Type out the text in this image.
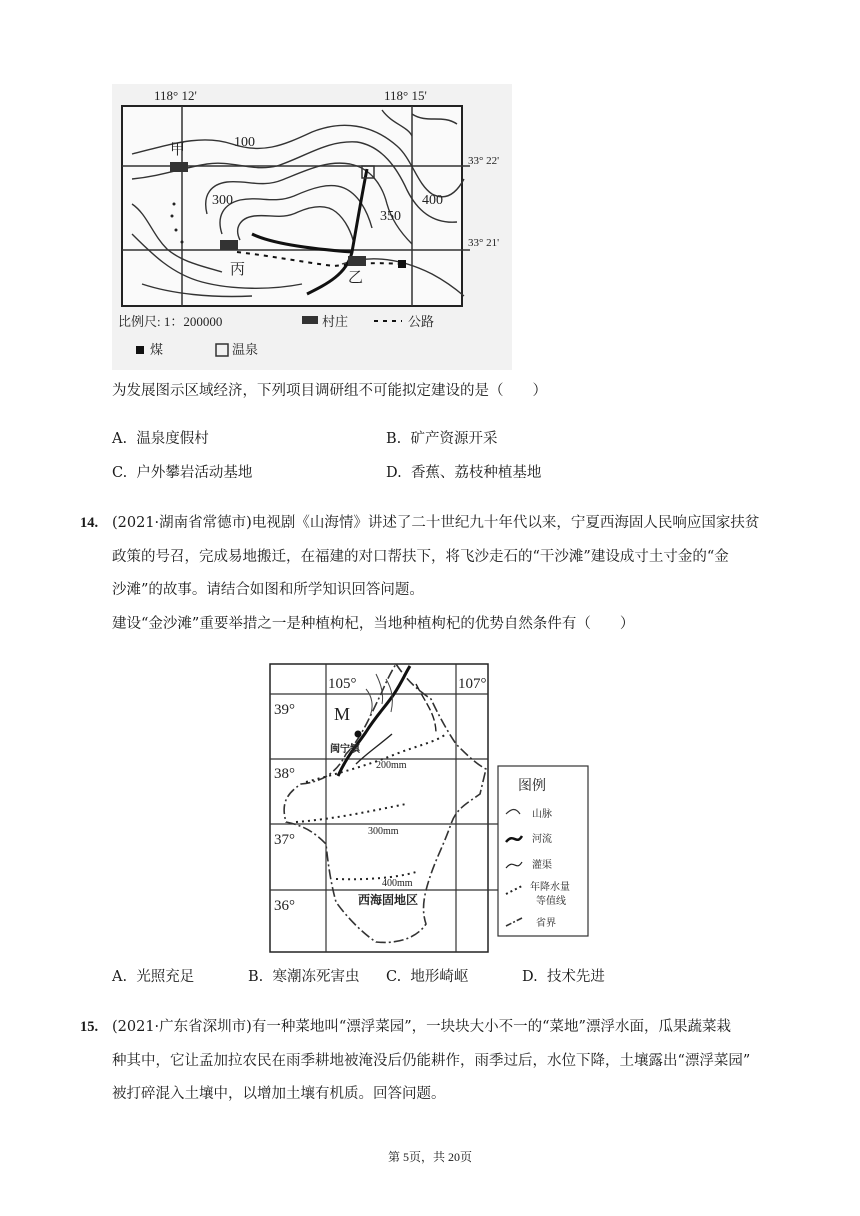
118° 12'	118° 15'
33° 22'
33° 21'
100
300
350
400
甲
丙	乙
比例尺: 1：200000	村庄	公路
煤	温泉
为发展图示区域经济，下列项目调研组不可能拟定建设的是（　　）
A. 温泉度假村	B. 矿产资源开采
C. 户外攀岩活动基地	D. 香蕉、荔枝种植基地
14. (2021·湖南省常德市)电视剧《山海情》讲述了二十世纪九十年代以来，宁夏西海固人民响应国家扶贫
政策的号召，完成易地搬迁，在福建的对口帮扶下，将飞沙走石的“干沙滩”建设成寸土寸金的“金
沙滩”的故事。请结合如图和所学知识回答问题。
建设“金沙滩”重要举措之一是种植枸杞，当地种植枸杞的优势自然条件有（　　）
105°	107°
39°
38°
37°
36°
M
闽宁镇
200mm
300mm
400mm
西海固地区
图例
山脉
河流
灌渠
年降水量
等值线
省界
A. 光照充足	B. 寒潮冻死害虫 C. 地形崎岖	D. 技术先进
15. (2021·广东省深圳市)有一种菜地叫“漂浮菜园”，一块块大小不一的“菜地”漂浮水面，瓜果蔬菜栽
种其中，它让孟加拉农民在雨季耕地被淹没后仍能耕作，雨季过后，水位下降，土壤露出“漂浮菜园”
被打碎混入土壤中，以增加土壤有机质。回答问题。
第 5页，共 20页
